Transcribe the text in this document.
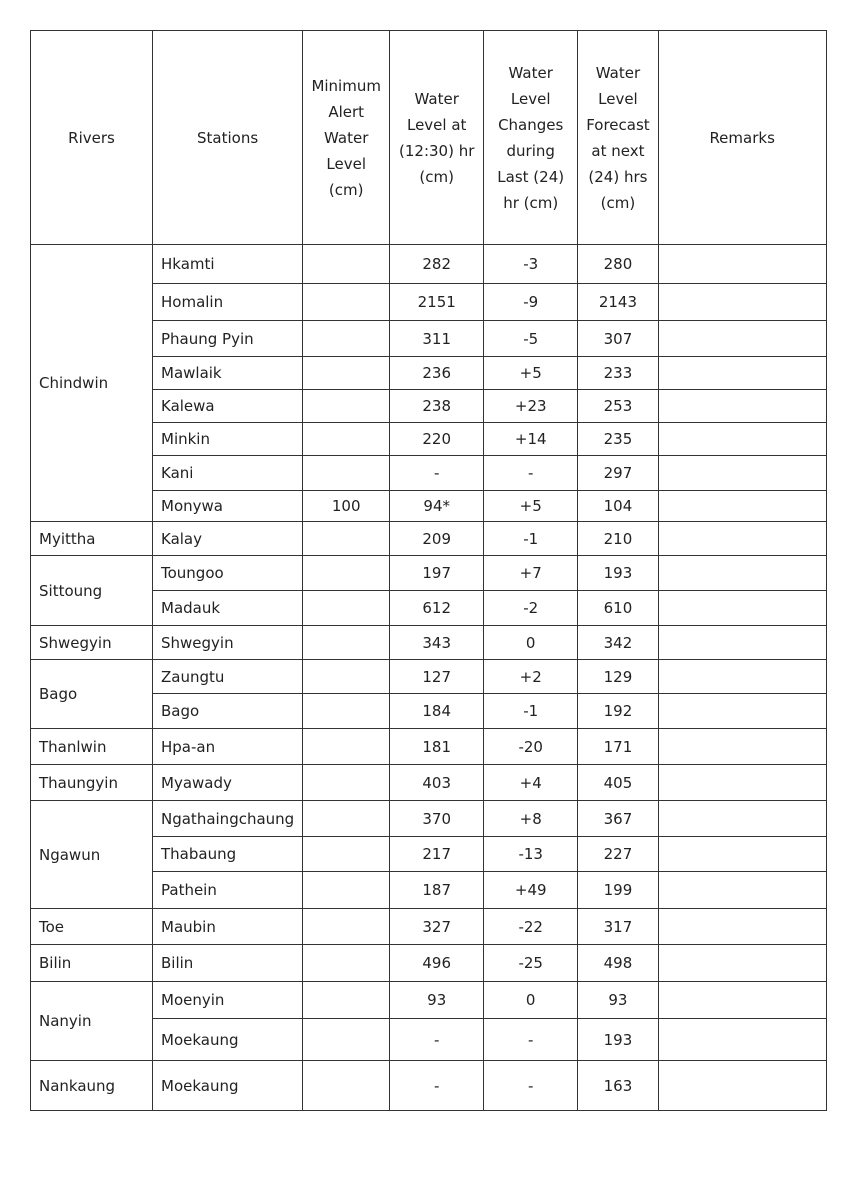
Rivers	Stations	Minimum Alert Water Level (cm)	Water Level at (12:30) hr (cm)	Water Level Changes during Last (24) hr (cm)	Water Level Forecast at next (24) hrs (cm)	Remarks
Chindwin	Hkamti		282	-3	280	
	Homalin		2151	-9	2143	
	Phaung Pyin		311	-5	307	
	Mawlaik		236	+5	233	
	Kalewa		238	+23	253	
	Minkin		220	+14	235	
	Kani		-	-	297	
	Monywa	100	94*	+5	104	
Myittha	Kalay		209	-1	210	
Sittoung	Toungoo		197	+7	193	
	Madauk		612	-2	610	
Shwegyin	Shwegyin		343	0	342	
Bago	Zaungtu		127	+2	129	
	Bago		184	-1	192	
Thanlwin	Hpa-an		181	-20	171	
Thaungyin	Myawady		403	+4	405	
Ngawun	Ngathaingchaung		370	+8	367	
	Thabaung		217	-13	227	
	Pathein		187	+49	199	
Toe	Maubin		327	-22	317	
Bilin	Bilin		496	-25	498	
Nanyin	Moenyin		93	0	93	
	Moekaung		-	-	193	
Nankaung	Moekaung		-	-	163	
